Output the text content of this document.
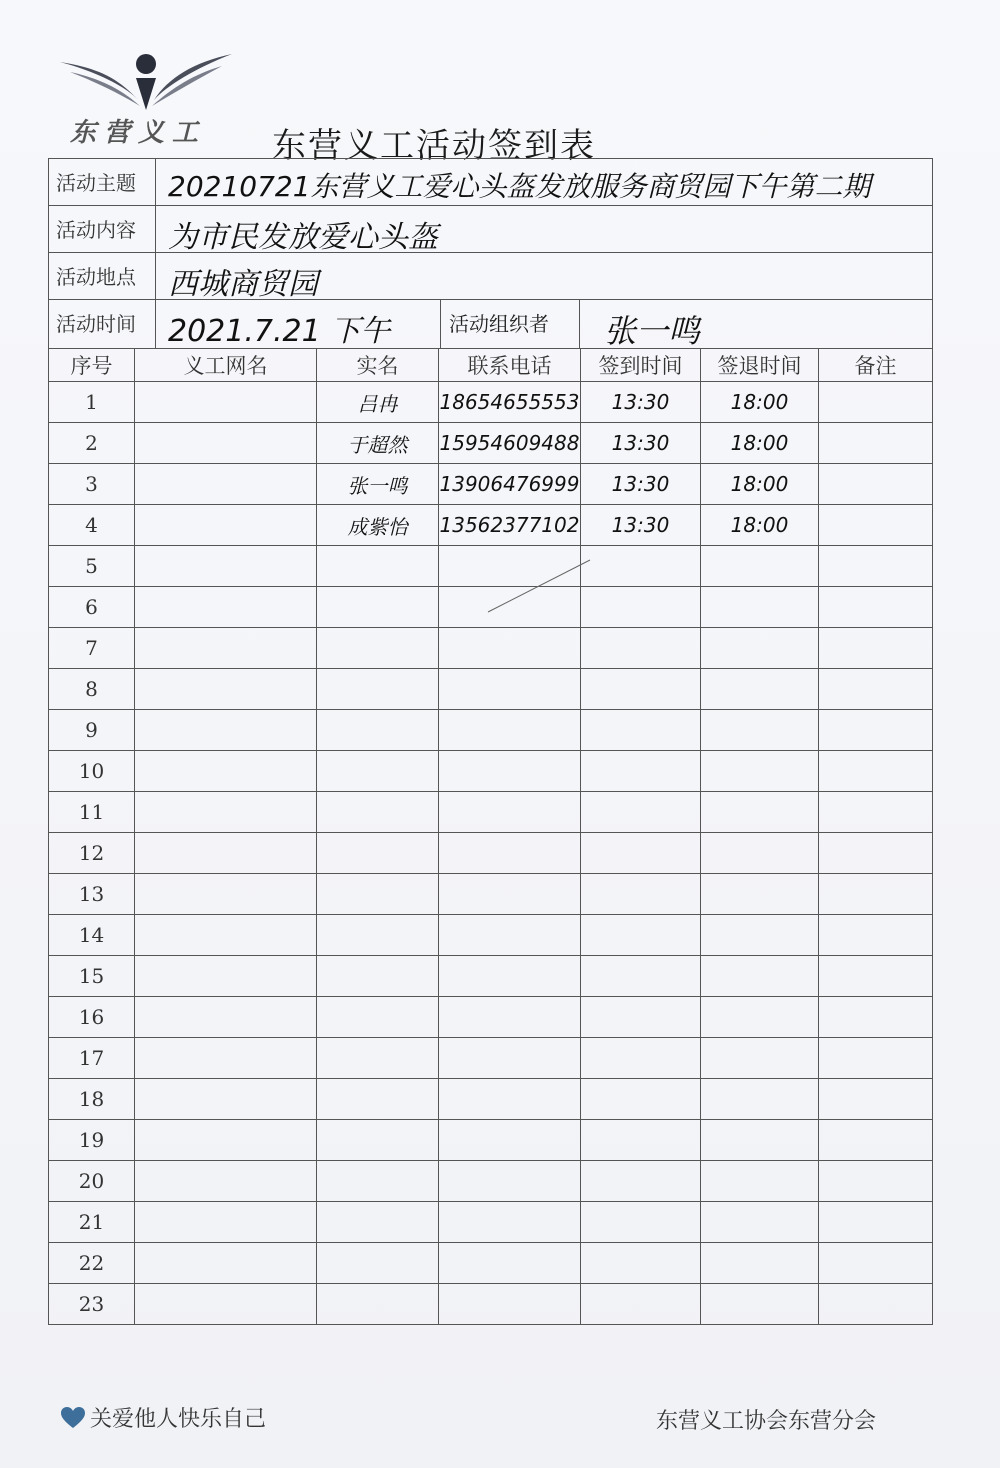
东营义工 东营义工活动签到表
活动主题	20210721东营义工爱心头盔发放服务商贸园下午第二期
活动内容	为市民发放爱心头盔
活动地点	西城商贸园
活动时间	2021.7.21 下午	活动组织者	张一鸣
序号	义工网名	实名	联系电话	签到时间	签退时间	备注
1		吕冉	18654655553	13:30	18:00	
2		于超然	15954609488	13:30	18:00	
3		张一鸣	13906476999	13:30	18:00	
4		成紫怡	13562377102	13:30	18:00	
5						
6						
7						
8						
9						
10						
11						
12						
13						
14						
15						
16						
17						
18						
19						
20						
21						
22						
23						
关爱他人快乐自己	东营义工协会东营分会
